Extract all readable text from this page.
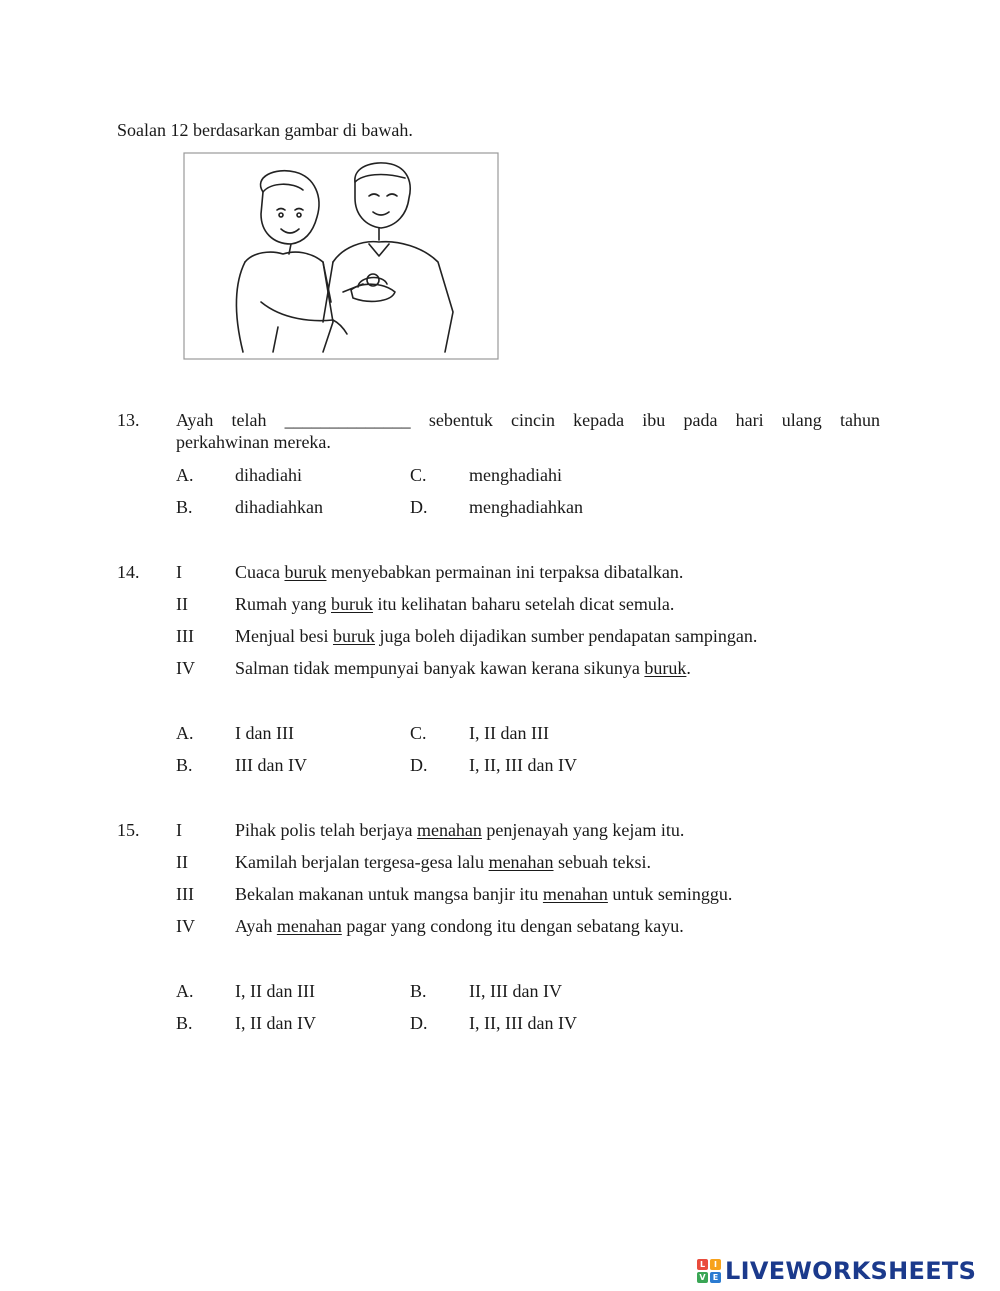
Soalan 12 berdasarkan gambar di bawah.
13. Ayah telah ______________ sebentuk cincin kepada ibu pada hari ulang tahun
perkahwinan mereka.
A. dihadiahi	C. menghadiahi
B. dihadiahkan	D. menghadiahkan
14. I	Cuaca buruk menyebabkan permainan ini terpaksa dibatalkan.
II	Rumah yang buruk itu kelihatan baharu setelah dicat semula.
III Menjual besi buruk juga boleh dijadikan sumber pendapatan sampingan.
IV Salman tidak mempunyai banyak kawan kerana sikunya buruk.
A. I dan III	C. I, II dan III
B. III dan IV	D. I, II, III dan IV
15. I	Pihak polis telah berjaya menahan penjenayah yang kejam itu.
II	Kamilah berjalan tergesa-gesa lalu menahan sebuah teksi.
III Bekalan makanan untuk mangsa banjir itu menahan untuk seminggu.
IV Ayah menahan pagar yang condong itu dengan sebatang kayu.
A. I, II dan III	B. II, III dan IV
B. I, II dan IV	D. I, II, III dan IV
L	I
V E LIVEWORKSHEETS
